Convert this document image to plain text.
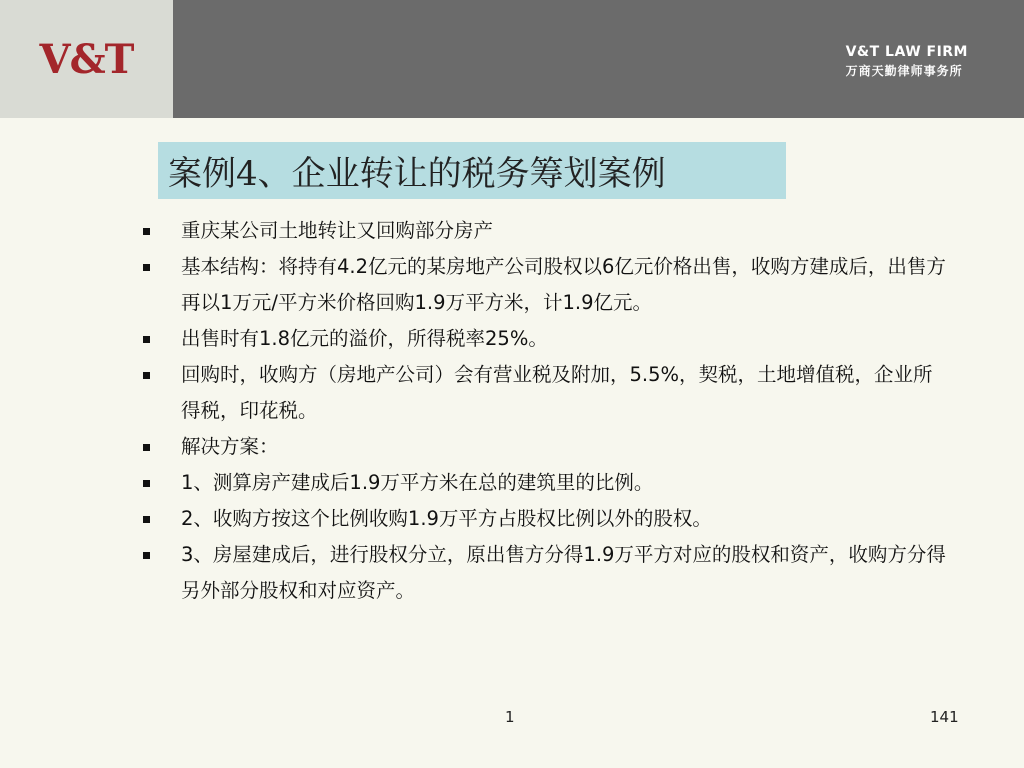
V&T	V&T LAW FIRM
万商天勤律师事务所
案例4、企业转让的税务筹划案例
重庆某公司土地转让又回购部分房产
基本结构：将持有4.2亿元的某房地产公司股权以6亿元价格出售，收购方建成后，出售方再以1万元/平方米价格回购1.9万平方米，计1.9亿元。
出售时有1.8亿元的溢价，所得税率25%。
回购时，收购方（房地产公司）会有营业税及附加，5.5%，契税，土地增值税，企业所得税，印花税。
解决方案：
1、测算房产建成后1.9万平方米在总的建筑里的比例。
2、收购方按这个比例收购1.9万平方占股权比例以外的股权。
3、房屋建成后，进行股权分立，原出售方分得1.9万平方对应的股权和资产，收购方分得另外部分股权和对应资产。
1	141
